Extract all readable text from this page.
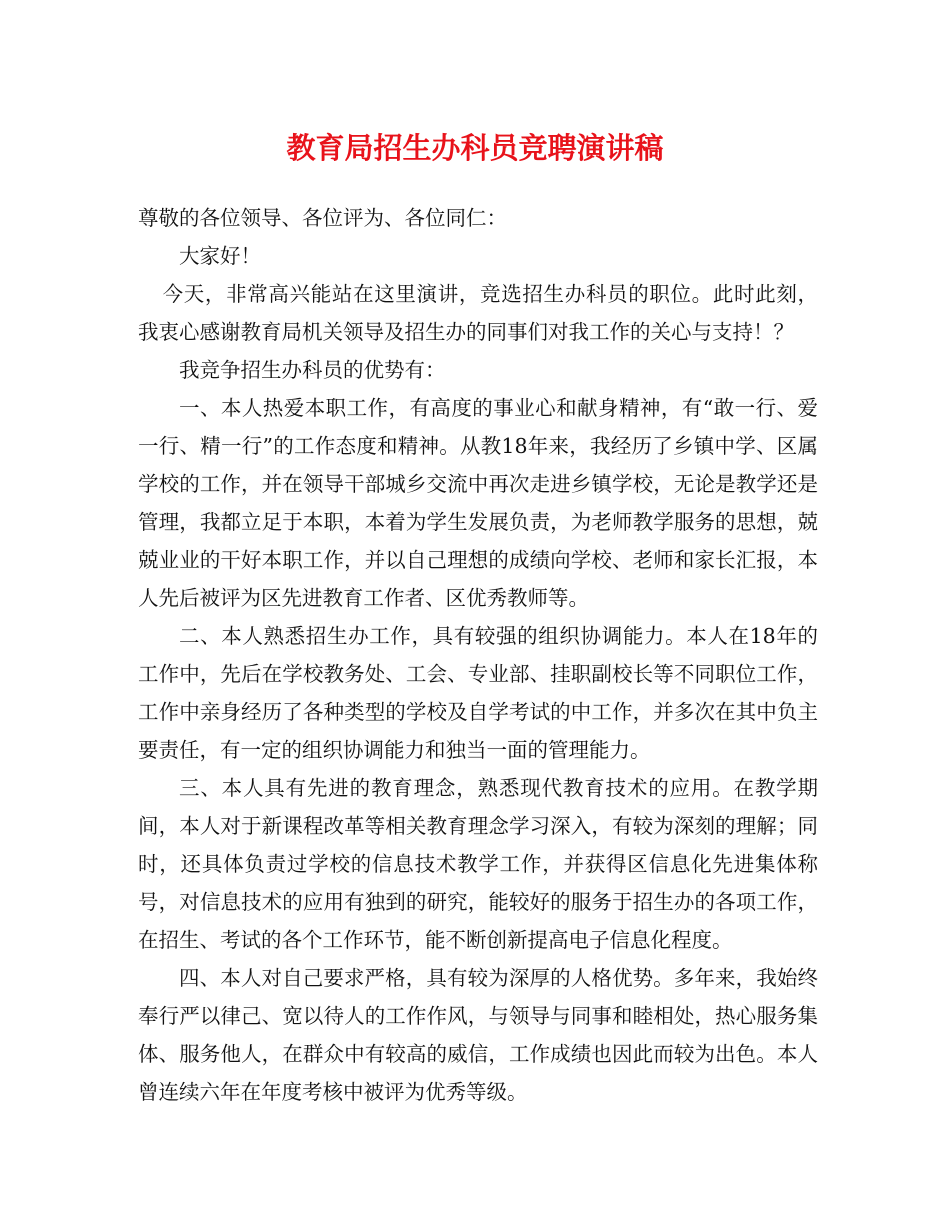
教育局招生办科员竞聘演讲稿

尊敬的各位领导、各位评为、各位同仁：

大家好！

今天，非常高兴能站在这里演讲，竞选招生办科员的职位。此时此刻，我衷心感谢教育局机关领导及招生办的同事们对我工作的关心与支持！？

我竞争招生办科员的优势有：

一、本人热爱本职工作，有高度的事业心和献身精神，有“敢一行、爱一行、精一行”的工作态度和精神。从教18年来，我经历了乡镇中学、区属学校的工作，并在领导干部城乡交流中再次走进乡镇学校，无论是教学还是管理，我都立足于本职，本着为学生发展负责，为老师教学服务的思想，兢兢业业的干好本职工作，并以自己理想的成绩向学校、老师和家长汇报，本人先后被评为区先进教育工作者、区优秀教师等。

二、本人熟悉招生办工作，具有较强的组织协调能力。本人在18年的工作中，先后在学校教务处、工会、专业部、挂职副校长等不同职位工作，工作中亲身经历了各种类型的学校及自学考试的中工作，并多次在其中负主要责任，有一定的组织协调能力和独当一面的管理能力。

三、本人具有先进的教育理念，熟悉现代教育技术的应用。在教学期间，本人对于新课程改革等相关教育理念学习深入，有较为深刻的理解；同时，还具体负责过学校的信息技术教学工作，并获得区信息化先进集体称号，对信息技术的应用有独到的研究，能较好的服务于招生办的各项工作，在招生、考试的各个工作环节，能不断创新提高电子信息化程度。

四、本人对自己要求严格，具有较为深厚的人格优势。多年来，我始终奉行严以律己、宽以待人的工作作风，与领导与同事和睦相处，热心服务集体、服务他人，在群众中有较高的威信，工作成绩也因此而较为出色。本人曾连续六年在年度考核中被评为优秀等级。
